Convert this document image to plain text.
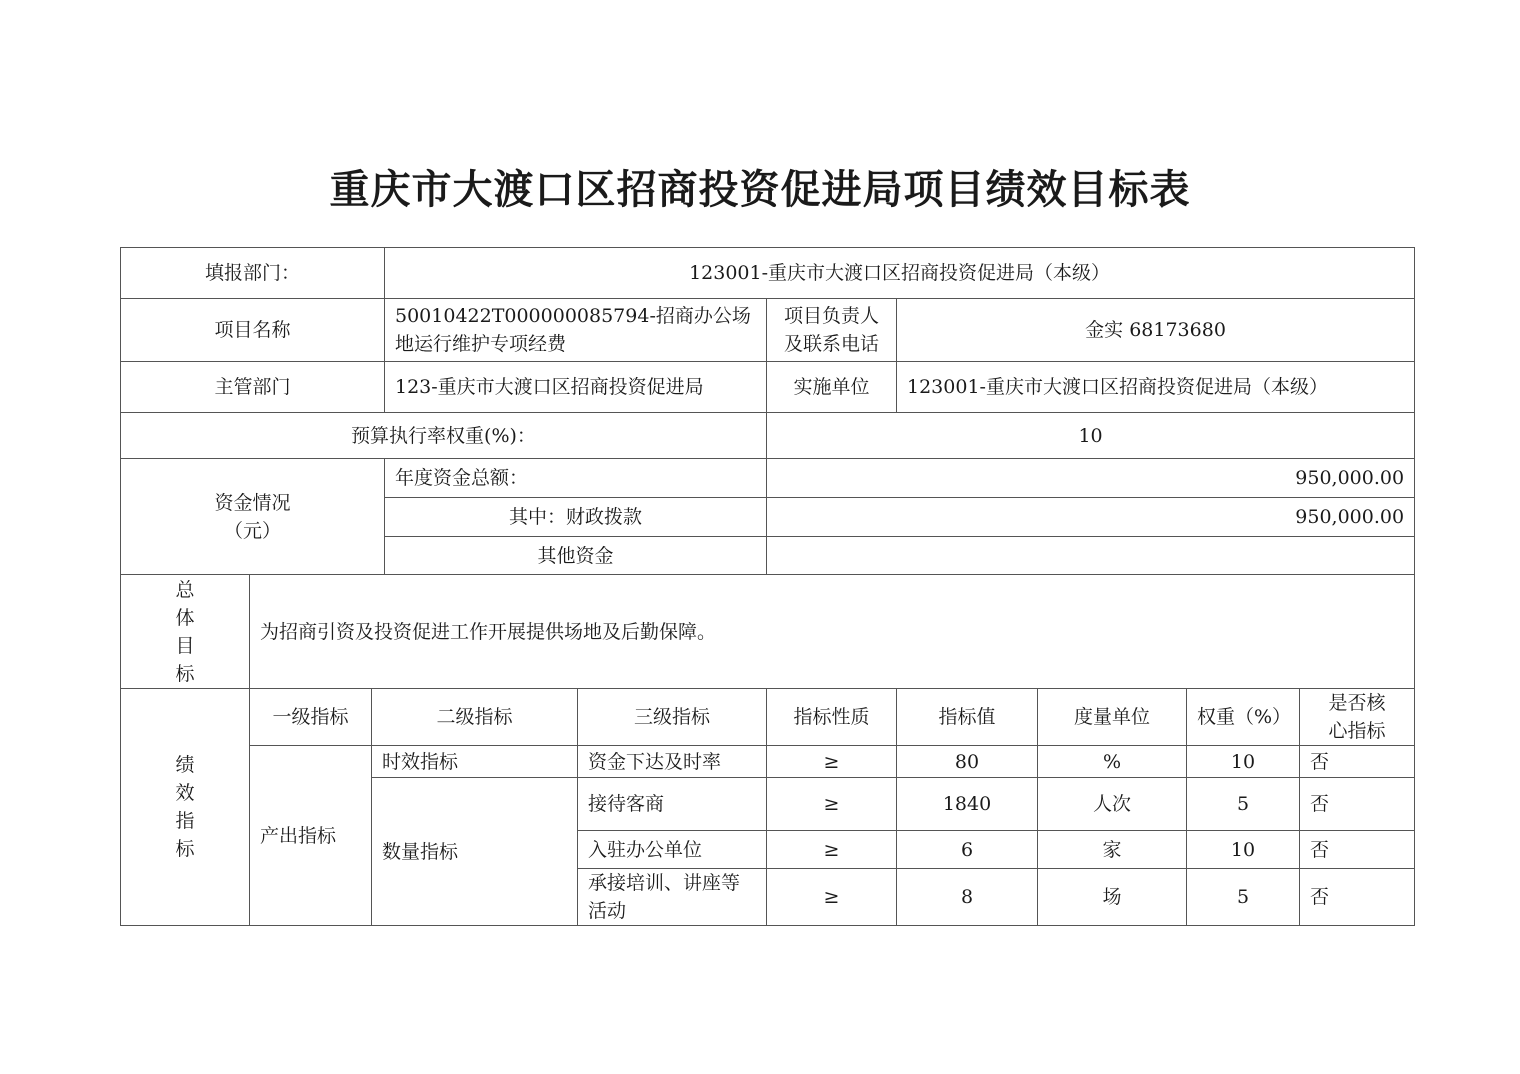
重庆市大渡口区招商投资促进局项目绩效目标表
填报部门：			123001-重庆市大渡口区招商投资促进局（本级）						
项目名称			50010422T000000085794-招商办公场地运行维护专项经费		项目负责人及联系电话	金实 68173680			
主管部门			123-重庆市大渡口区招商投资促进局		实施单位	123001-重庆市大渡口区招商投资促进局（本级）			
预算执行率权重(%)：					10				

资金情况
（元）			年度资金总额：		950,000.00				
			其中：财政拨款		950,000.00				
			其他资金						

总
体
目
标	为招商引资及投资促进工作开展提供场地及后勤保障。								

绩
效
指
标	一级指标	二级指标		三级指标	指标性质	指标值	度量单位	权重（%）	是否核心指标
	产出指标	时效指标		资金下达及时率	≥	80	%	10	否
		数量指标		接待客商	≥	1840	人次	5	否
				入驻办公单位	≥	6	家	10	否
				承接培训、讲座等活动	≥	8	场	5	否
